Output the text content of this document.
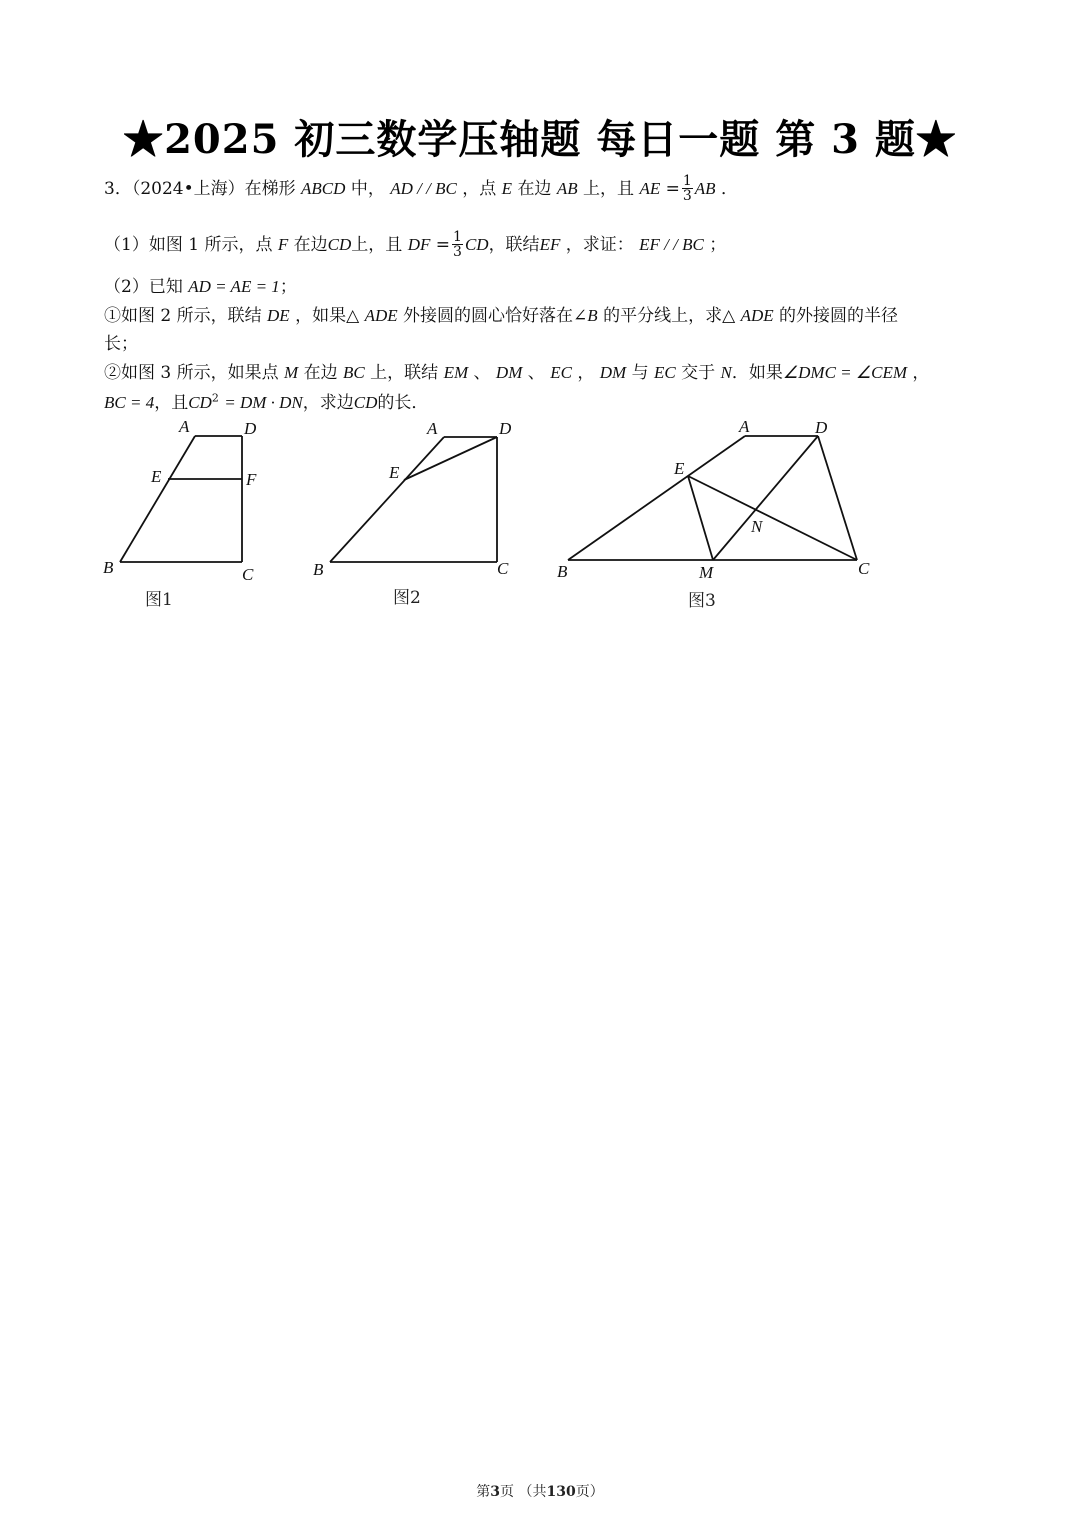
★2025 初三数学压轴题 每日一题 第 3 题★
3．（2024•上海）在梯形 ABCD 中， AD / / BC ，点 E 在边 AB 上，且 AE = $\frac{1}{3}$ AB ．
（1）如图 1 所示，点 F 在边CD上，且 DF = $\frac{1}{3}$ CD，联结EF ，求证： EF / / BC ；
（2）已知 AD = AE = 1；
①如图 2 所示，联结 DE ，如果△ ADE 外接圆的圆心恰好落在∠B 的平分线上，求△ ADE 的外接圆的半径
长；
②如图 3 所示，如果点 M 在边 BC 上，联结 EM 、 DM 、 EC ， DM 与 EC 交于 N．如果∠DMC = ∠CEM ，
BC = 4，且$CD^2$ = DM · DN，求边CD的长．
A	D
E	F
B	C
A	D
E
B	C
A	D
E
N
B	M	C
图1	图2	图3
第3页 （共130页）
